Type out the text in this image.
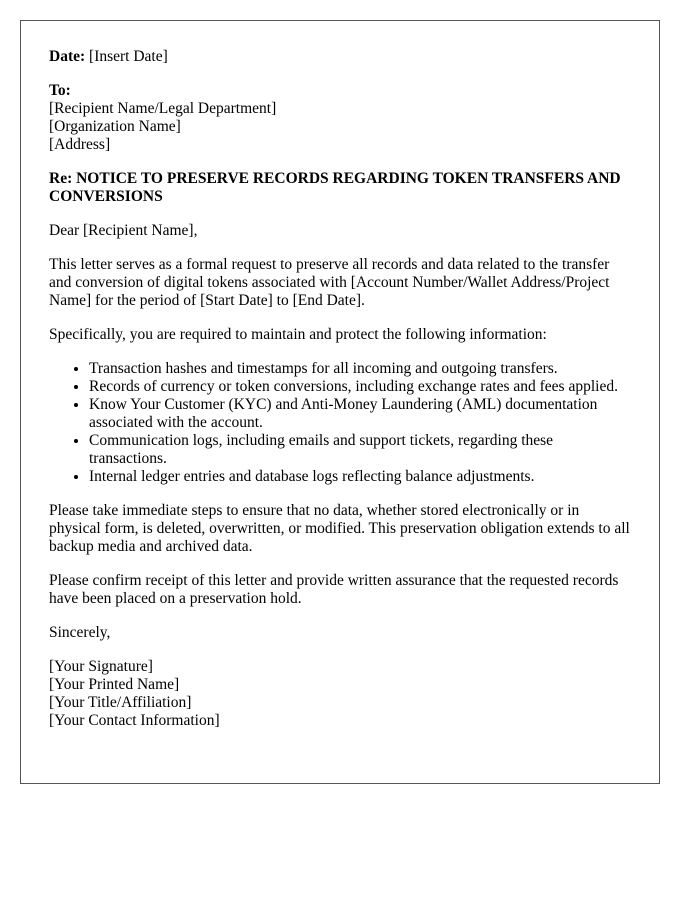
Date: [Insert Date]

To:
[Recipient Name/Legal Department]
[Organization Name]
[Address]

Re: NOTICE TO PRESERVE RECORDS REGARDING TOKEN TRANSFERS AND CONVERSIONS

Dear [Recipient Name],

This letter serves as a formal request to preserve all records and data related to the transfer and conversion of digital tokens associated with [Account Number/Wallet Address/Project Name] for the period of [Start Date] to [End Date].

Specifically, you are required to maintain and protect the following information:

• Transaction hashes and timestamps for all incoming and outgoing transfers.
• Records of currency or token conversions, including exchange rates and fees applied.
• Know Your Customer (KYC) and Anti-Money Laundering (AML) documentation associated with the account.
• Communication logs, including emails and support tickets, regarding these transactions.
• Internal ledger entries and database logs reflecting balance adjustments.

Please take immediate steps to ensure that no data, whether stored electronically or in physical form, is deleted, overwritten, or modified. This preservation obligation extends to all backup media and archived data.

Please confirm receipt of this letter and provide written assurance that the requested records have been placed on a preservation hold.

Sincerely,

[Your Signature]
[Your Printed Name]
[Your Title/Affiliation]
[Your Contact Information]
